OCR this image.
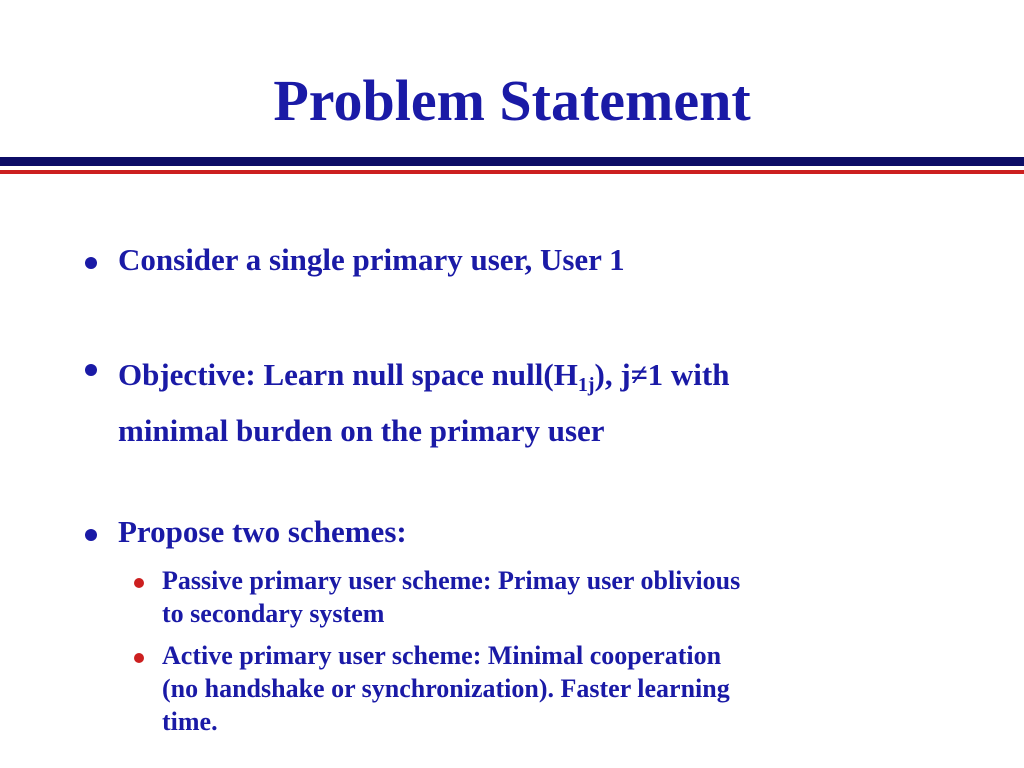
Problem Statement
Consider a single primary user, User 1
Objective: Learn null space $null(H_{1j})$, j≠1 with
minimal burden on the primary user
Propose two schemes:
Passive primary user scheme: Primay user oblivious
to secondary system
Active primary user scheme: Minimal cooperation
(no handshake or synchronization). Faster learning
time.
